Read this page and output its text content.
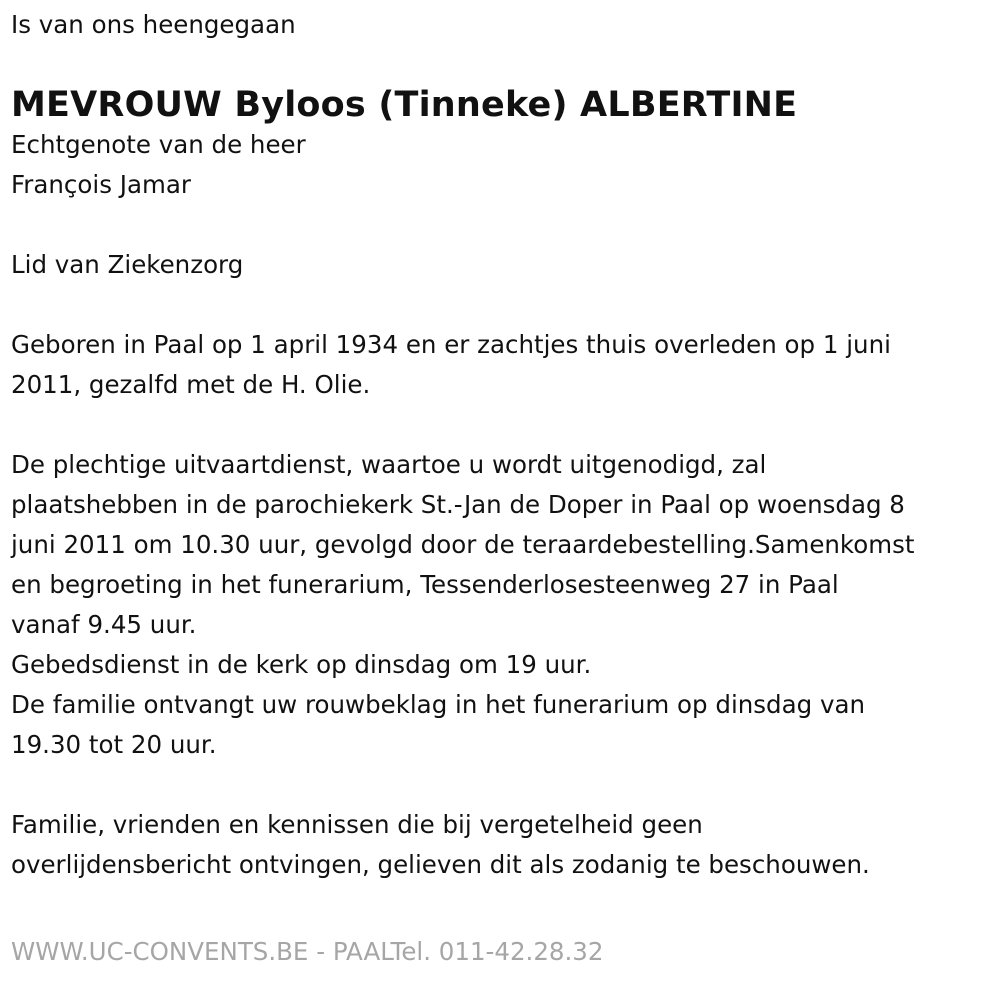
Is van ons heengegaan
MEVROUW Byloos (Tinneke) ALBERTINE
Echtgenote van de heer
François Jamar
Lid van Ziekenzorg
Geboren in Paal op 1 april 1934 en er zachtjes thuis overleden op 1 juni
2011, gezalfd met de H. Olie.
De plechtige uitvaartdienst, waartoe u wordt uitgenodigd, zal
plaatshebben in de parochiekerk St.-Jan de Doper in Paal op woensdag 8
juni 2011 om 10.30 uur, gevolgd door de teraardebestelling.Samenkomst
en begroeting in het funerarium, Tessenderlosesteenweg 27 in Paal
vanaf 9.45 uur.
Gebedsdienst in de kerk op dinsdag om 19 uur.
De familie ontvangt uw rouwbeklag in het funerarium op dinsdag van
19.30 tot 20 uur.
Familie, vrienden en kennissen die bij vergetelheid geen
overlijdensbericht ontvingen, gelieven dit als zodanig te beschouwen.
WWW.UC-CONVENTS.BE - PAALTel. 011-42.28.32
